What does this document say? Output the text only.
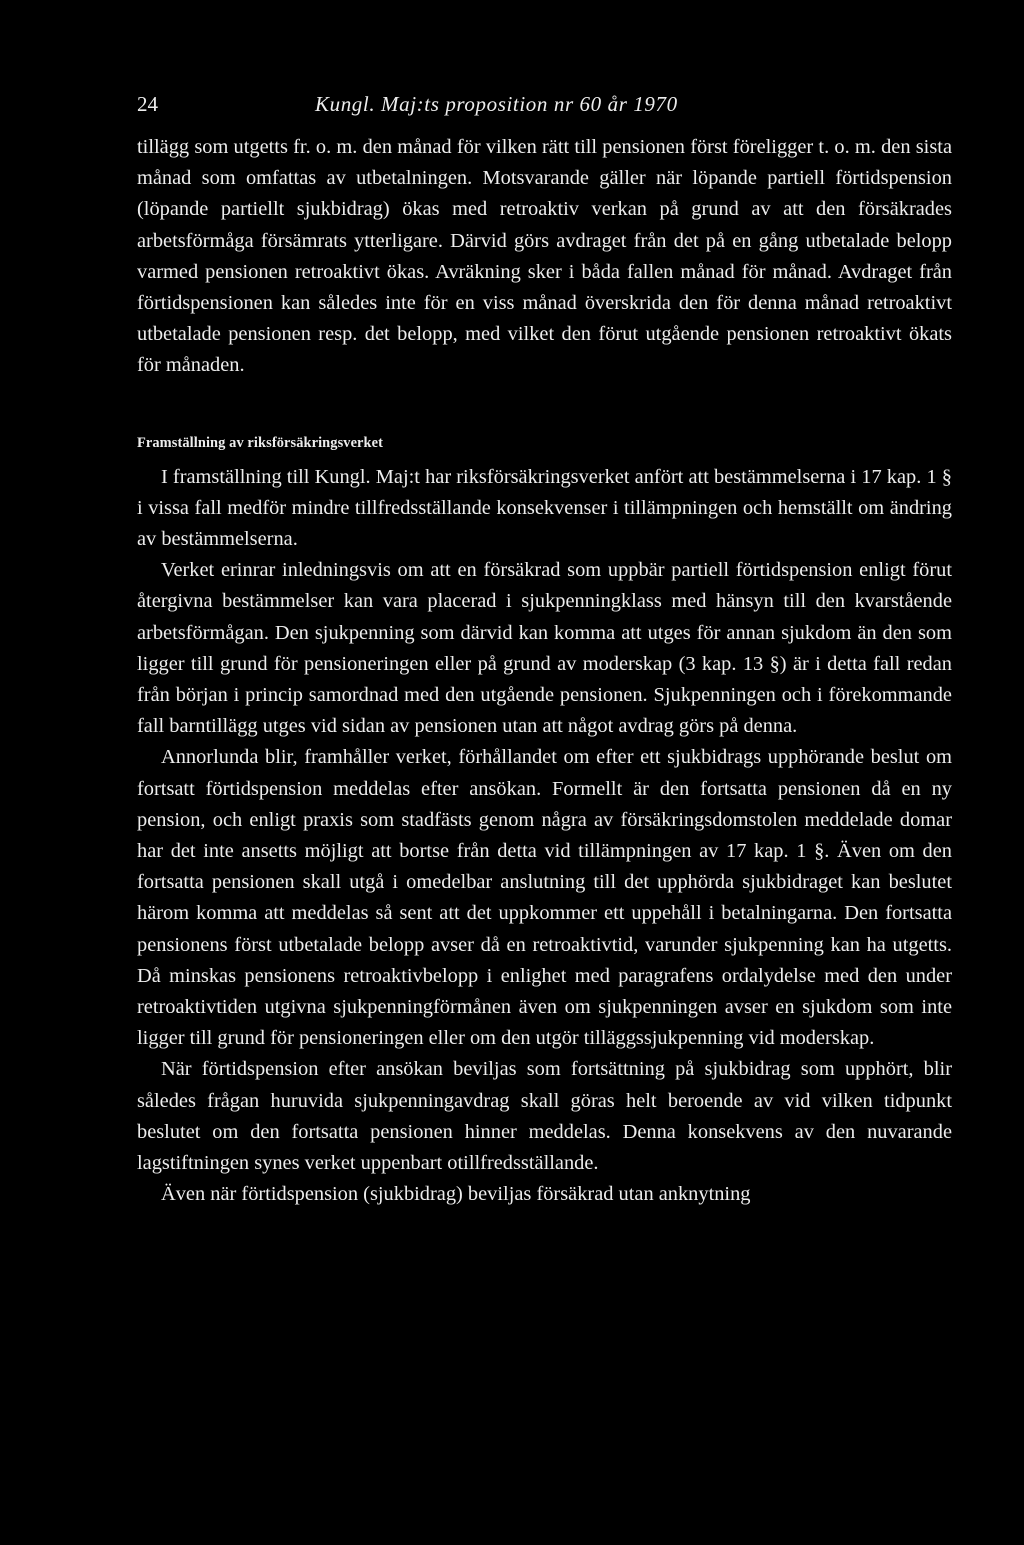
24	Kungl. Maj:ts proposition nr 60 år 1970

tillägg som utgetts fr. o. m. den månad för vilken rätt till pensionen först föreligger t. o. m. den sista månad som omfattas av utbetalningen. Motsvarande gäller när löpande partiell förtidspension (löpande partiellt sjukbidrag) ökas med retroaktiv verkan på grund av att den försäkrades arbetsförmåga försämrats ytterligare. Därvid görs avdraget från det på en gång utbetalade belopp varmed pensionen retroaktivt ökas. Avräkning sker i båda fallen månad för månad. Avdraget från förtidspensionen kan således inte för en viss månad överskrida den för denna månad retroaktivt utbetalade pensionen resp. det belopp, med vilket den förut utgående pensionen retroaktivt ökats för månaden.

Framställning av riksförsäkringsverket

I framställning till Kungl. Maj:t har riksförsäkringsverket anfört att bestämmelserna i 17 kap. 1 § i vissa fall medför mindre tillfredsställande konsekvenser i tillämpningen och hemställt om ändring av bestämmelserna.

Verket erinrar inledningsvis om att en försäkrad som uppbär partiell förtidspension enligt förut återgivna bestämmelser kan vara placerad i sjukpenningklass med hänsyn till den kvarstående arbetsförmågan. Den sjukpenning som därvid kan komma att utges för annan sjukdom än den som ligger till grund för pensioneringen eller på grund av moderskap (3 kap. 13 §) är i detta fall redan från början i princip samordnad med den utgående pensionen. Sjukpenningen och i förekommande fall barntillägg utges vid sidan av pensionen utan att något avdrag görs på denna.

Annorlunda blir, framhåller verket, förhållandet om efter ett sjukbidrags upphörande beslut om fortsatt förtidspension meddelas efter ansökan. Formellt är den fortsatta pensionen då en ny pension, och enligt praxis som stadfästs genom några av försäkringsdomstolen meddelade domar har det inte ansetts möjligt att bortse från detta vid tillämpningen av 17 kap. 1 §. Även om den fortsatta pensionen skall utgå i omedelbar anslutning till det upphörda sjukbidraget kan beslutet härom komma att meddelas så sent att det uppkommer ett uppehåll i betalningarna. Den fortsatta pensionens först utbetalade belopp avser då en retroaktivtid, varunder sjukpenning kan ha utgetts. Då minskas pensionens retroaktivbelopp i enlighet med paragrafens ordalydelse med den under retroaktivtiden utgivna sjukpenningförmånen även om sjukpenningen avser en sjukdom som inte ligger till grund för pensioneringen eller om den utgör tilläggssjukpenning vid moderskap.

När förtidspension efter ansökan beviljas som fortsättning på sjukbidrag som upphört, blir således frågan huruvida sjukpenningavdrag skall göras helt beroende av vid vilken tidpunkt beslutet om den fortsatta pensionen hinner meddelas. Denna konsekvens av den nuvarande lagstiftningen synes verket uppenbart otillfredsställande.

Även när förtidspension (sjukbidrag) beviljas försäkrad utan anknytning
